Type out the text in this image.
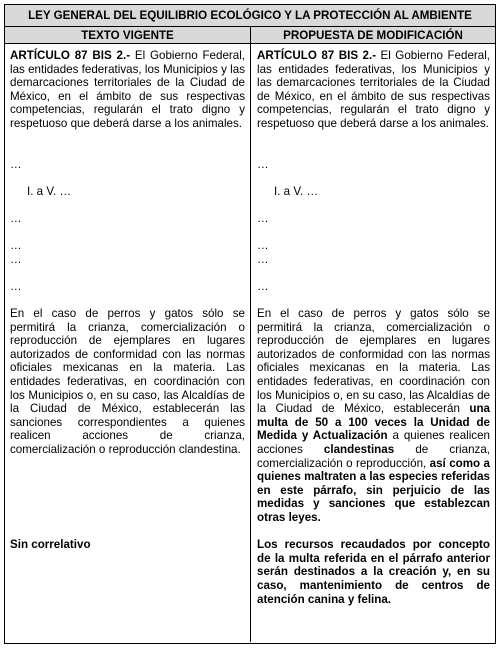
LEY GENERAL DEL EQUILIBRIO ECOLÓGICO Y LA PROTECCIÓN AL AMBIENTE
TEXTO VIGENTE	PROPUESTA DE MODIFICACIÓN

ARTÍCULO 87 BIS 2.- El Gobierno Federal, las entidades federativas, los Municipios y las demarcaciones territoriales de la Ciudad de México, en el ámbito de sus respectivas competencias, regularán el trato digno y respetuoso que deberá darse a los animales.

…

I. a V. …

…

…

…

…

En el caso de perros y gatos sólo se permitirá la crianza, comercialización o reproducción de ejemplares en lugares autorizados de conformidad con las normas oficiales mexicanas en la materia. Las entidades federativas, en coordinación con los Municipios o, en su caso, las Alcaldías de la Ciudad de México, establecerán las sanciones correspondientes a quienes realicen acciones de crianza, comercialización o reproducción clandestina.

Sin correlativo

ARTÍCULO 87 BIS 2.- El Gobierno Federal, las entidades federativas, los Municipios y las demarcaciones territoriales de la Ciudad de México, en el ámbito de sus respectivas competencias, regularán el trato digno y respetuoso que deberá darse a los animales.

…

I. a V. …

…

…

…

…

En el caso de perros y gatos sólo se permitirá la crianza, comercialización o reproducción de ejemplares en lugares autorizados de conformidad con las normas oficiales mexicanas en la materia. Las entidades federativas, en coordinación con los Municipios o, en su caso, las Alcaldías de la Ciudad de México, establecerán una multa de 50 a 100 veces la Unidad de Medida y Actualización a quienes realicen acciones clandestinas de crianza, comercialización o reproducción, así como a quienes maltraten a las especies referidas en este párrafo, sin perjuicio de las medidas y sanciones que establezcan otras leyes.

Los recursos recaudados por concepto de la multa referida en el párrafo anterior serán destinados a la creación y, en su caso, mantenimiento de centros de atención canina y felina.
